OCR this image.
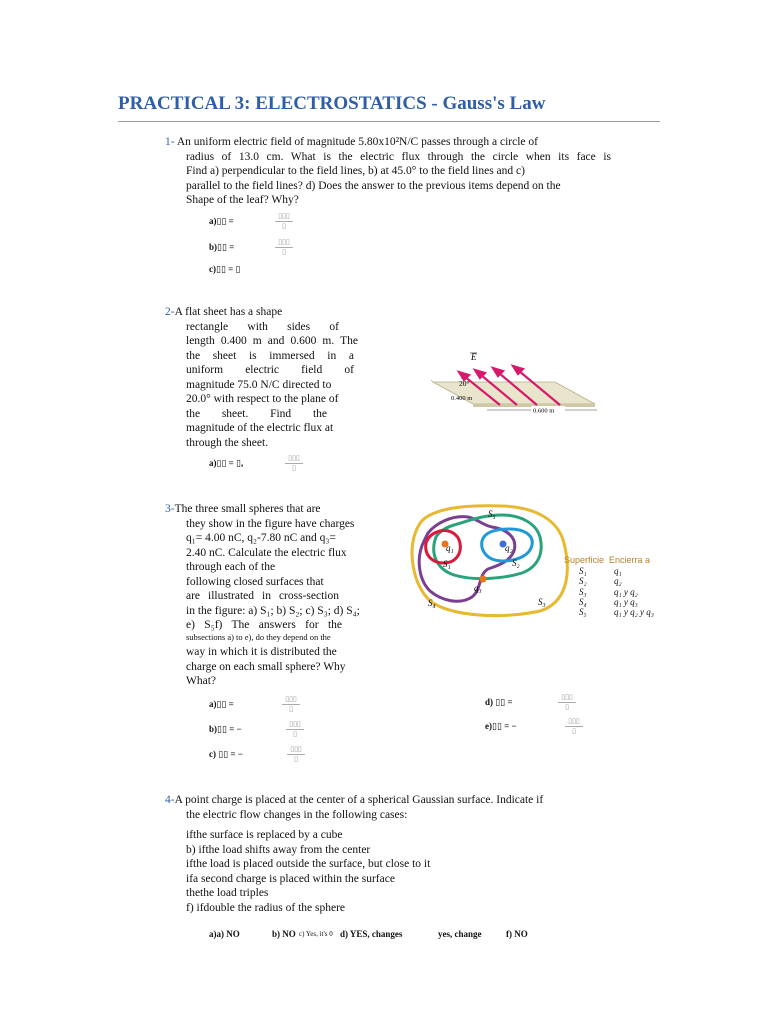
PRACTICAL 3: ELECTROSTATICS - Gauss's Law
1- An uniform electric field of magnitude 5.80x10²N/C passes through a circle of
radius of 13.0 cm. What is the electric flux through the circle when its face is
Find a) perpendicular to the field lines, b) at 45.0° to the field lines and c)
parallel to the field lines? d) Does the answer to the previous items depend on the
Shape of the leaf? Why?
a)▯▯ =	▯▯▯
▯
b)▯▯ =	▯▯▯
▯
c)▯▯ = ▯
2-A flat sheet has a shape
rectangle with sides of
length 0.400 m and 0.600 m. The
the sheet is immersed in a
uniform electric field of
magnitude 75.0 N/C directed to
20.0° with respect to the plane of
the sheet. Find the
magnitude of the electric flux at
through the sheet.
a)▯▯ = ▯,	▯▯▯
▯
E
20°
0.400 m
0.600 m
3-The three small spheres that are
they show in the figure have charges
q₁= 4.00 nC, q₂-7.80 nC and q₃=
2.40 nC. Calculate the electric flux
through each of the
following closed surfaces that
are illustrated in cross-section
in the figure: a) S₁; b) S₂; c) S₃; d) S₄;
e) S₅f) The answers for the
subsections a) to e), do they depend on the
way in which it is distributed the
charge on each small sphere? Why
What?
a)▯▯ =	▯▯▯
▯
b)▯▯ = −	▯▯▯
▯
c) ▯▯ = −	▯▯▯
▯
d) ▯▯ =	▯▯▯
▯
e)▯▯ = −	▯▯▯
▯
q₁	q₂
q₃
S₁	S₂
S₄	S₃
S₅
Superficie Encierra a
S₁	q₁
S₂	q₂
S₃	q₁ y q₂
S₄	q₁ y q₃
S₅	q₁ y q₂ y q₃
4-A point charge is placed at the center of a spherical Gaussian surface. Indicate if
the electric flow changes in the following cases:
ifthe surface is replaced by a cube
b) ifthe load shifts away from the center
ifthe load is placed outside the surface, but close to it
ifa second charge is placed within the surface
thethe load triples
f) ifdouble the radius of the sphere
a)a) NO	b) NO c) Yes, it's 0 d) YES, changes	yes, change	f) NO
